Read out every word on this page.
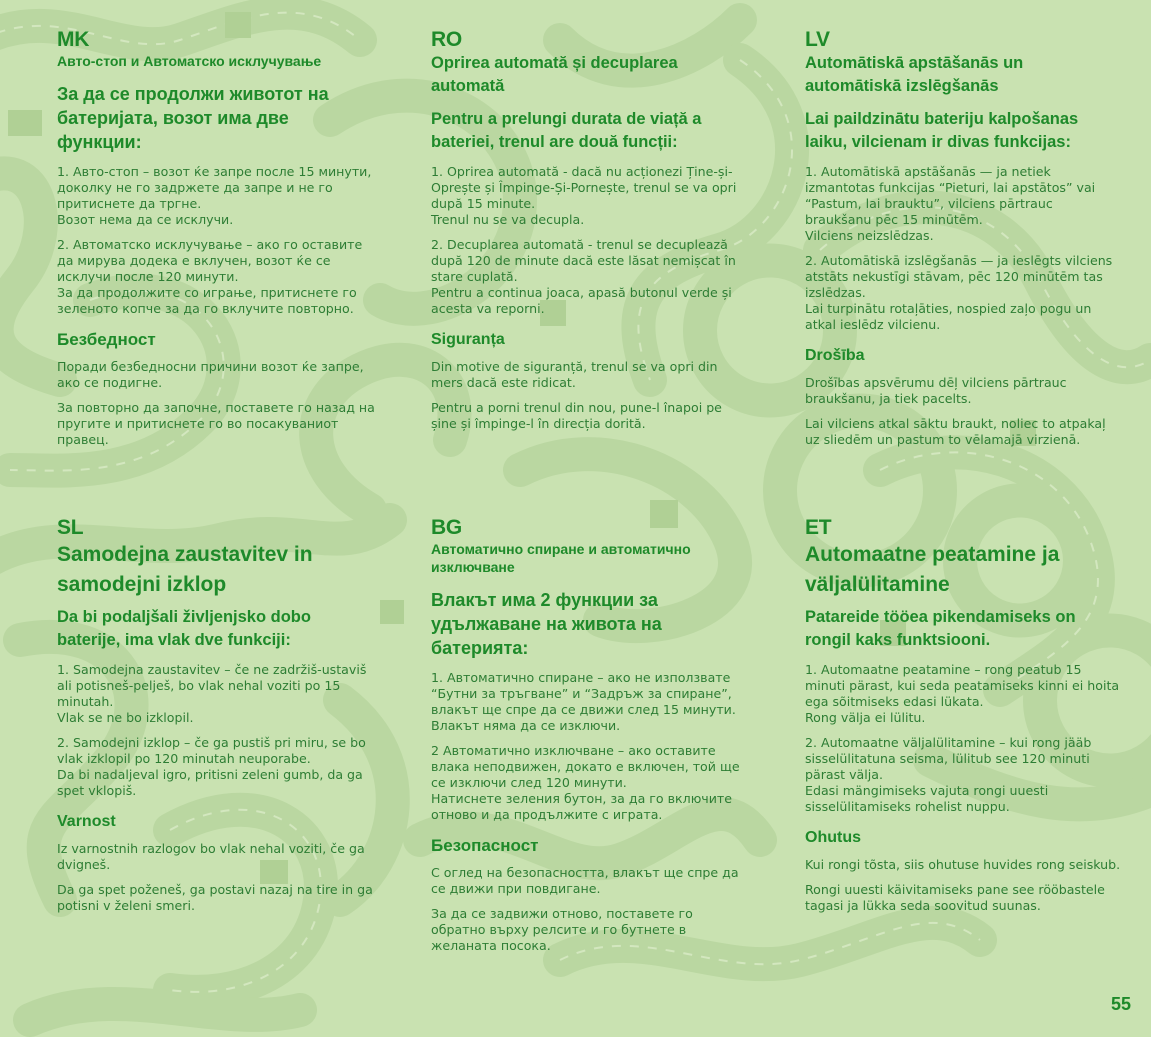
MK
Авто-стоп и Автоматско исклучување
За да се продолжи животот на батеријата, возот има две функции:

1. Авто-стоп – возот ќе запре после 15 минути, доколку не го задржете да запре и не го притиснете да тргне.
Возот нема да се исклучи.

2. Автоматско исклучување – ако го оставите да мирува додека е вклучен, возот ќе се исклучи после 120 минути.
За да продолжите со играње, притиснете го зеленото копче за да го вклучите повторно.

Безбедност

Поради безбедносни причини возот ќе запре, ако се подигне.

За повторно да започне, поставете го назад на пругите и притиснете го во посакуваниот правец.

RO
Oprirea automată și decuplarea automată
Pentru a prelungi durata de viață a bateriei, trenul are două funcții:

1. Oprirea automată - dacă nu acționezi Ține-și-Oprește și Împinge-Și-Pornește, trenul se va opri după 15 minute.
Trenul nu se va decupla.

2. Decuplarea automată - trenul se decuplează după 120 de minute dacă este lăsat nemișcat în stare cuplată.
Pentru a continua joaca, apasă butonul verde și acesta va reporni.

Siguranța

Din motive de siguranță, trenul se va opri din mers dacă este ridicat.

Pentru a porni trenul din nou, pune-l înapoi pe șine și împinge-l în direcția dorită.

LV
Automātiskā apstāšanās un automātiskā izslēgšanās
Lai paildzinātu bateriju kalpošanas laiku, vilcienam ir divas funkcijas:

1. Automātiskā apstāšanās — ja netiek izmantotas funkcijas “Pieturi, lai apstātos” vai “Pastum, lai brauktu”, vilciens pārtrauc braukšanu pēc 15 minūtēm.
Vilciens neizslēdzas.

2. Automātiskā izslēgšanās — ja ieslēgts vilciens atstāts nekustīgi stāvam, pēc 120 minūtēm tas izslēdzas.
Lai turpinātu rotaļāties, nospied zaļo pogu un atkal ieslēdz vilcienu.

Drošība

Drošības apsvērumu dēļ vilciens pārtrauc braukšanu, ja tiek pacelts.

Lai vilciens atkal sāktu braukt, noliec to atpakaļ uz sliedēm un pastum to vēlamajā virzienā.

SL
Samodejna zaustavitev in samodejni izklop
Da bi podaljšali življenjsko dobo baterije, ima vlak dve funkciji:

1. Samodejna zaustavitev – če ne zadržiš-ustaviš ali potisneš-pelješ, bo vlak nehal voziti po 15 minutah.
Vlak se ne bo izklopil.

2. Samodejni izklop – če ga pustiš pri miru, se bo vlak izklopil po 120 minutah neuporabe.
Da bi nadaljeval igro, pritisni zeleni gumb, da ga spet vklopiš.

Varnost

Iz varnostnih razlogov bo vlak nehal voziti, če ga dvigneš.

Da ga spet poženeš, ga postavi nazaj na tire in ga potisni v želeni smeri.

BG
Автоматично спиране и автоматично изключване
Влакът има 2 функции за удължаване на живота на батерията:

1. Автоматично спиране – ако не използвате “Бутни за тръгване” и “Задръж за спиране”, влакът ще спре да се движи след 15 минути.
Влакът няма да се изключи.

2 Автоматично изключване – ако оставите влака неподвижен, докато е включен, той ще се изключи след 120 минути.
Натиснете зеления бутон, за да го включите отново и да продължите с играта.

Безопасност

С оглед на безопасността, влакът ще спре да се движи при повдигане.

За да се задвижи отново, поставете го обратно върху релсите и го бутнете в желаната посока.

ET
Automaatne peatamine ja väljalülitamine
Patareide tööea pikendamiseks on rongil kaks funktsiooni.

1. Automaatne peatamine – rong peatub 15 minuti pärast, kui seda peatamiseks kinni ei hoita ega sõitmiseks edasi lükata.
Rong välja ei lülitu.

2. Automaatne väljalülitamine – kui rong jääb sisselülitatuna seisma, lülitub see 120 minuti pärast välja.
Edasi mängimiseks vajuta rongi uuesti sisselülitamiseks rohelist nuppu.

Ohutus

Kui rongi tõsta, siis ohutuse huvides rong seiskub.

Rongi uuesti käivitamiseks pane see rööbastele tagasi ja lükka seda soovitud suunas.

55
